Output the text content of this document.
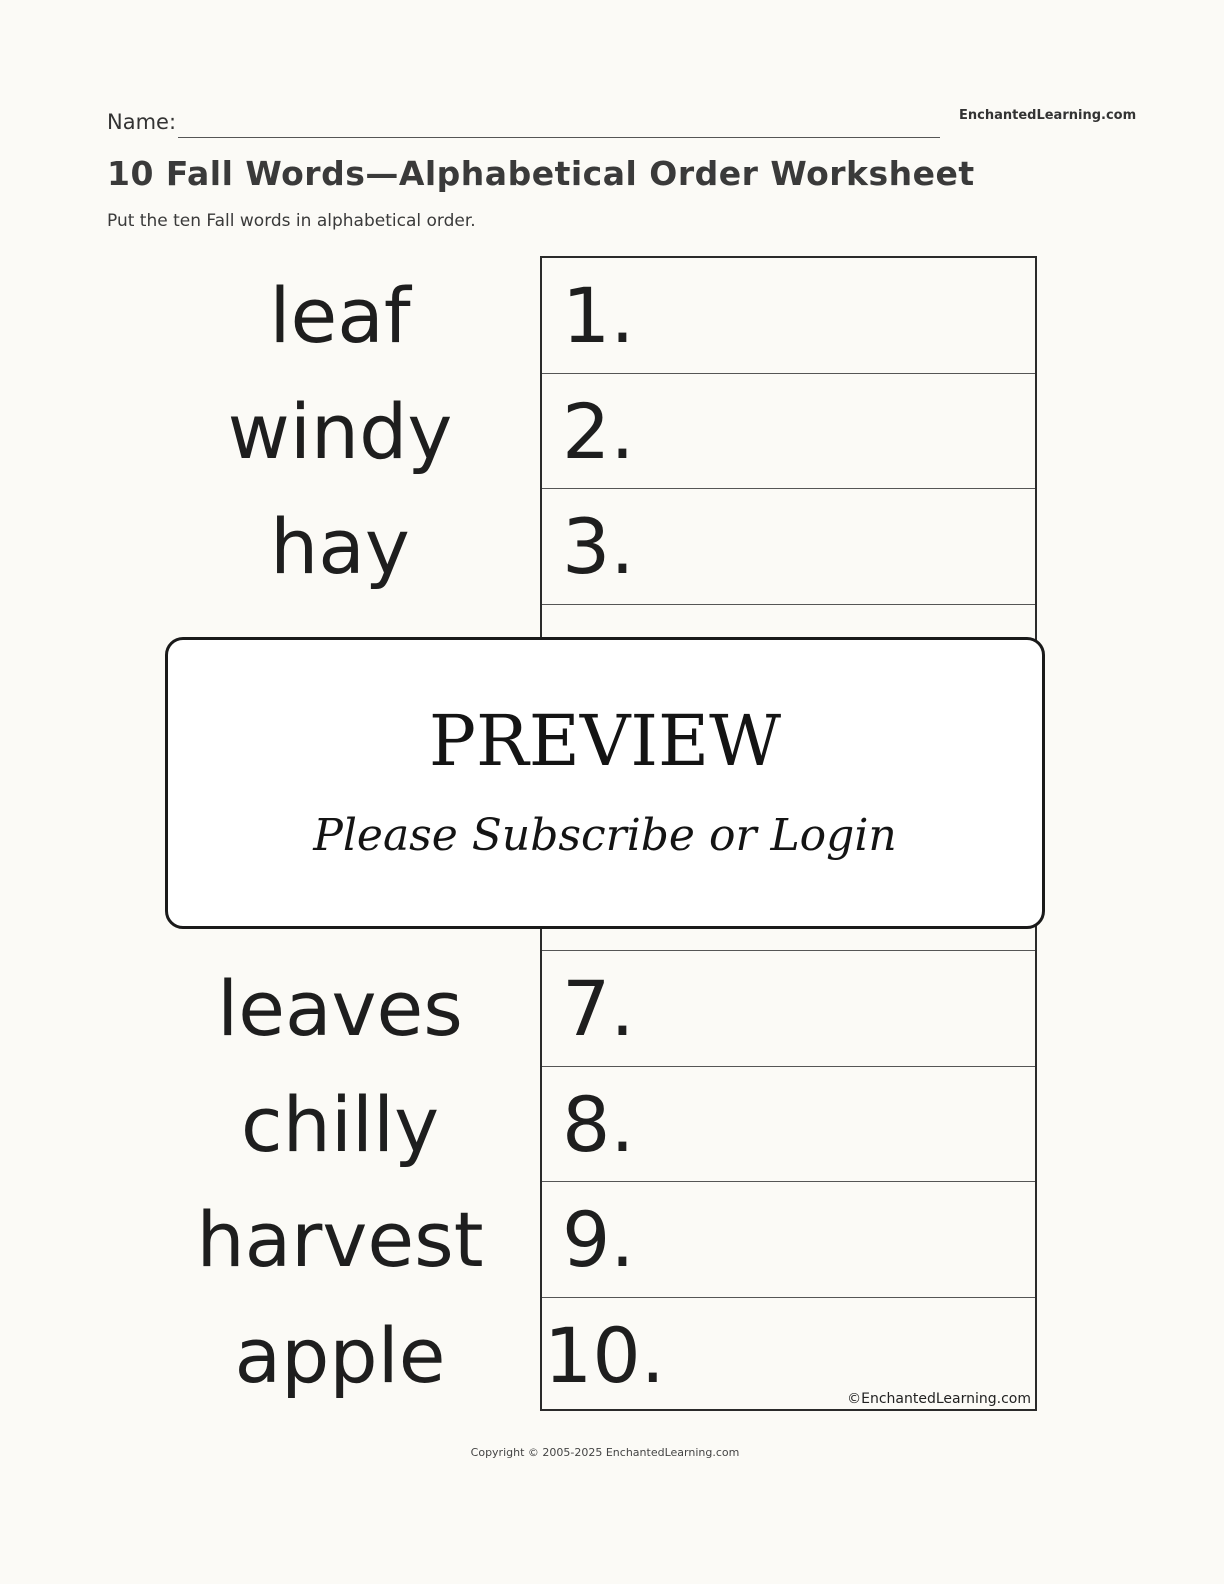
Name:	EnchantedLearning.com
10 Fall Words—Alphabetical Order Worksheet
Put the ten Fall words in alphabetical order.
leaf
windy
hay
leaves
chilly
harvest
apple
1.
2.
3.
7.
8.
9.
10.	©EnchantedLearning.com
PREVIEW
Please Subscribe or Login
Copyright © 2005-2025 EnchantedLearning.com
